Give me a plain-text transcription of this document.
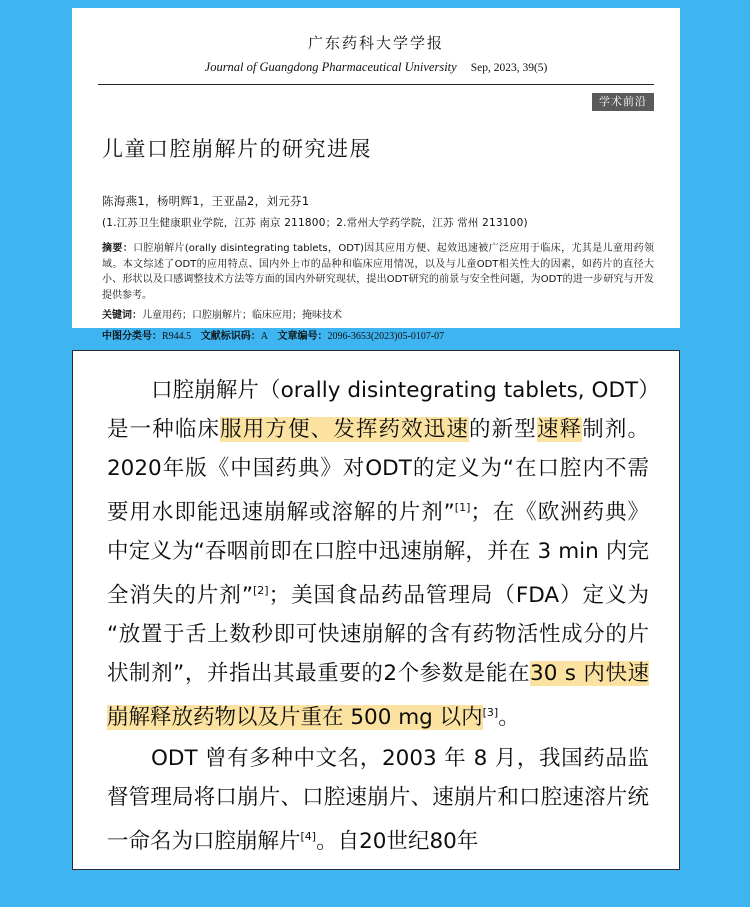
广东药科大学学报
Journal of Guangdong Pharmaceutical University Sep, 2023, 39(5)
学术前沿
儿童口腔崩解片的研究进展
陈海燕1，杨明辉1，王亚晶2，刘元芬1
(1.江苏卫生健康职业学院，江苏 南京 211800；2.常州大学药学院，江苏 常州 213100)
摘要：口腔崩解片(orally disintegrating tablets，ODT)因其应用方便、起效迅速被广泛应用于临床，尤其是儿童用药领域。本文综述了ODT的应用特点、国内外上市的品种和临床应用情况，以及与儿童ODT相关性大的因素，如药片的直径大小、形状以及口感调整技术方法等方面的国内外研究现状，提出ODT研究的前景与安全性问题，为ODT的进一步研究与开发提供参考。
关键词：儿童用药；口腔崩解片；临床应用；掩味技术
中图分类号：R944.5 文献标识码：A 文章编号：2096-3653(2023)05-0107-07

口腔崩解片（orally disintegrating tablets, ODT）是一种临床服用方便、发挥药效迅速的新型速释制剂。2020年版《中国药典》对ODT的定义为“在口腔内不需要用水即能迅速崩解或溶解的片剂”[1]；在《欧洲药典》中定义为“吞咽前即在口腔中迅速崩解，并在 3 min 内完全消失的片剂”[2]；美国食品药品管理局（FDA）定义为“放置于舌上数秒即可快速崩解的含有药物活性成分的片状制剂”，并指出其最重要的2个参数是能在30 s 内快速崩解释放药物以及片重在 500 mg 以内[3]。

ODT 曾有多种中文名，2003 年 8 月，我国药品监督管理局将口崩片、口腔速崩片、速崩片和口腔速溶片统一命名为口腔崩解片[4]。自20世纪80年
